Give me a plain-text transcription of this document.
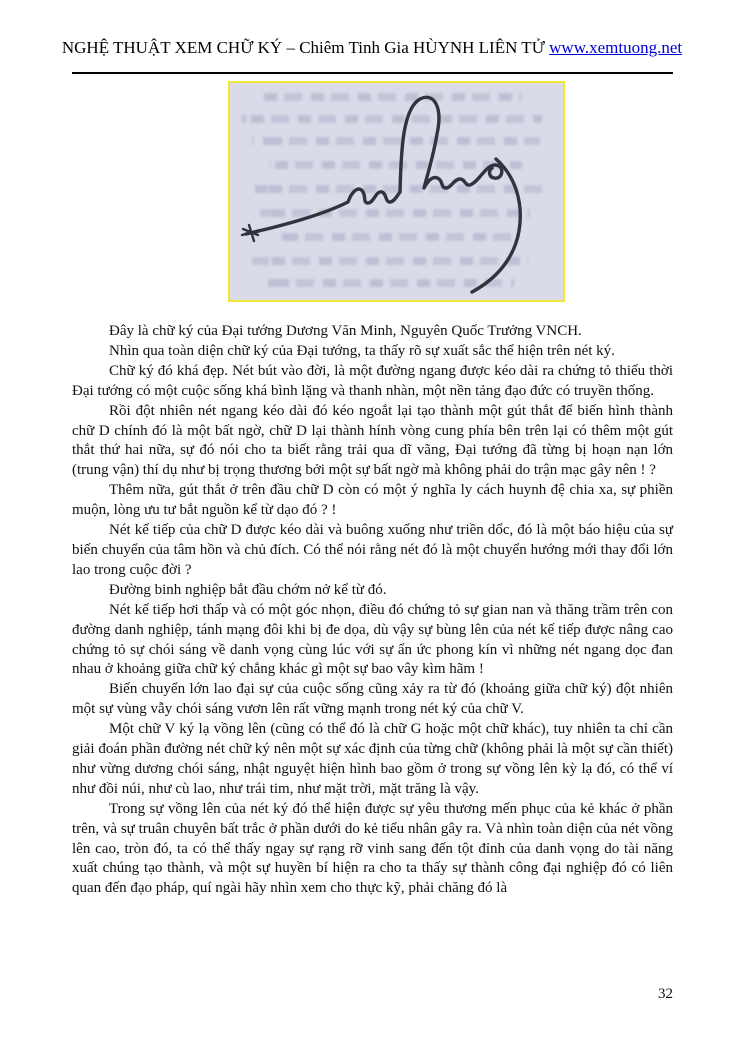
NGHỆ THUẬT XEM CHỮ KÝ – Chiêm Tinh Gia HÙYNH LIÊN TỬ www.xemtuong.net

Đây là chữ ký của Đại tướng Dương Văn Minh, Nguyên Quốc Trưởng VNCH.

Nhìn qua toàn diện chữ ký của Đại tướng, ta thấy rõ sự xuất sắc thể hiện trên nét ký.

Chữ ký đó khá đẹp. Nét bút vào đời, là một đường ngang được kéo dài ra chứng tỏ thiếu thời Đại tướng có một cuộc sống khá bình lặng và thanh nhàn, một nền tảng đạo đức có truyền thống.

Rồi đột nhiên nét ngang kéo dài đó kéo ngoắt lại tạo thành một gút thắt để biến hình thành chữ D chính đó là một bất ngờ, chữ D lại thành hính vòng cung phía bên trên lại có thêm một gút thắt thứ hai nữa, sự đó nói cho ta biết rằng trải qua dĩ vãng, Đại tướng đã từng bị hoạn nạn lớn (trung vận) thí dụ như bị trọng thương bởi một sự bất ngờ mà không phải do trận mạc gây nên ! ?

Thêm nữa, gút thắt ở trên đầu chữ D còn có một ý nghĩa ly cách huynh đệ chia xa, sự phiền muộn, lòng ưu tư bắt nguồn kể từ dạo đó ? !

Nét kế tiếp của chữ D được kéo dài và buông xuống như triền dốc, đó là một báo hiệu của sự biến chuyển của tâm hồn và chủ đích. Có thể nói rằng nét đó là một chuyển hướng mới thay đổi lớn lao trong cuộc đời ?

Đường binh nghiệp bắt đầu chớm nở kể từ đó.

Nét kế tiếp hơi thấp và có một góc nhọn, điều đó chứng tỏ sự gian nan và thăng trầm trên con đường danh nghiệp, tánh mạng đôi khi bị đe dọa, dù vậy sự bùng lên của nét kế tiếp được nâng cao chứng tỏ sự chói sáng về danh vọng cùng lúc với sự ẩn ức phong kín vì những nét ngang dọc đan nhau ở khoảng giữa chữ ký chẳng khác gì một sự bao vây kìm hãm !

Biến chuyển lớn lao đại sự của cuộc sống cũng xảy ra từ đó (khoảng giữa chữ ký) đột nhiên một sự vùng vẫy chói sáng vươn lên rất vững mạnh trong nét ký của chữ V.

Một chữ V ký lạ vồng lên (cũng có thể đó là chữ G hoặc một chữ khác), tuy nhiên ta chỉ cần giải đoán phần đường nét chữ ký nên một sự xác định của từng chữ (không phải là một sự cần thiết) như vừng dương chói sáng, nhật nguyệt hiện hình bao gồm ở trong sự vồng lên kỳ lạ đó, có thể ví như đồi núi, như cù lao, như trái tim, như mặt trời, mặt trăng là vậy.

Trong sự vồng lên của nét ký đó thể hiện được sự yêu thương mến phục của kẻ khác ở phần trên, và sự truân chuyên bất trắc ở phần dưới do kẻ tiểu nhân gây ra. Và nhìn toàn diện của nét vồng lên cao, tròn đó, ta có thể thấy ngay sự rạng rỡ vinh sang đến tột đỉnh của danh vọng do tài năng xuất chúng tạo thành, và một sự huyền bí hiện ra cho ta thấy sự thành công đại nghiệp đó có liên quan đến đạo pháp, quí ngài hãy nhìn xem cho thực kỹ, phải chăng đó là

32
